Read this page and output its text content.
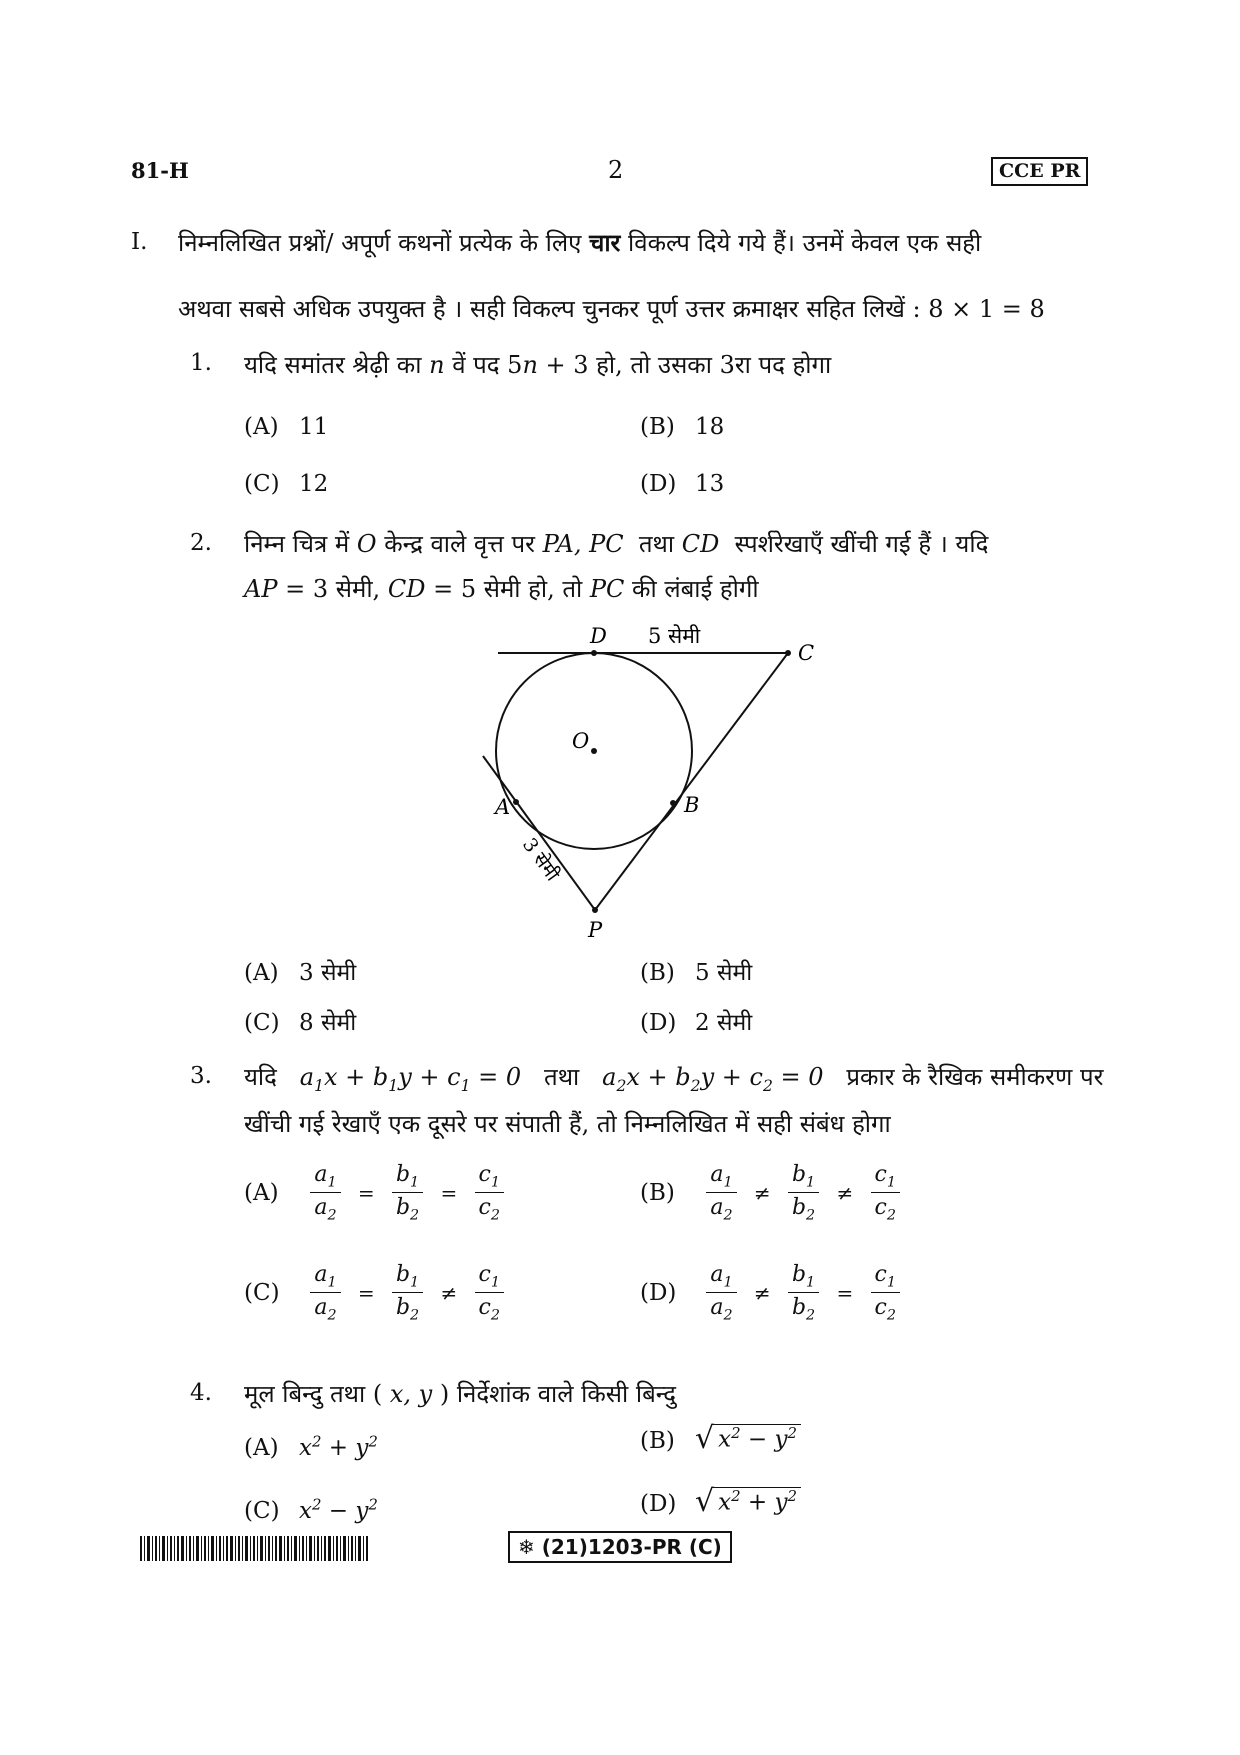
81-H	2	CCE PR
I. निम्नलिखित प्रश्नों/ अपूर्ण कथनों प्रत्येक के लिए चार विकल्प दिये गये हैं। उनमें केवल एक सही
अथवा सबसे अधिक उपयुक्त है । सही विकल्प चुनकर पूर्ण उत्तर क्रमाक्षर सहित लिखें : 8 × 1 = 8
1. यदि समांतर श्रेढ़ी का n वें पद 5n + 3 हो, तो उसका 3रा पद होगा
(A) 11	(B) 18
(C) 12	(D) 13
2. निम्न चित्र में O केन्द्र वाले वृत्त पर PA, PC तथा CD स्पर्शरेखाएँ खींची गई हैं । यदि
AP = 3 सेमी, CD = 5 सेमी हो, तो PC की लंबाई होगी
D 5 सेमी
C
O
A	B
P
3 सेमी
(A) 3 सेमी	(B) 5 सेमी
(C) 8 सेमी	(D) 2 सेमी
3. यदि $a_1x + b_1y + c_1 = 0$ तथा $a_2x + b_2y + c_2 = 0$ प्रकार के रैखिक समीकरण पर
खींची गई रेखाएँ एक दूसरे पर संपाती हैं, तो निम्नलिखित में सही संबंध होगा
$(A) \frac{a_1}{a_2} = \frac{b_1}{b_2} = \frac{c_1}{c_2}$	$(B) \frac{a_1}{a_2} \ne \frac{b_1}{b_2} \ne \frac{c_1}{c_2}$
$(C) \frac{a_1}{a_2} = \frac{b_1}{b_2} \ne \frac{c_1}{c_2}$	$(D) \frac{a_1}{a_2} \ne \frac{b_1}{b_2} = \frac{c_1}{c_2}$
4. मूल बिन्दु तथा ( x, y ) निर्देशांक वाले किसी बिन्दु
(A) $x^2 + y^2$	(B) √ $x^2 - y^2$
(C) $x^2 - y^2$	(D) √ $x^2 + y^2$
❄ (21)1203-PR (C)
